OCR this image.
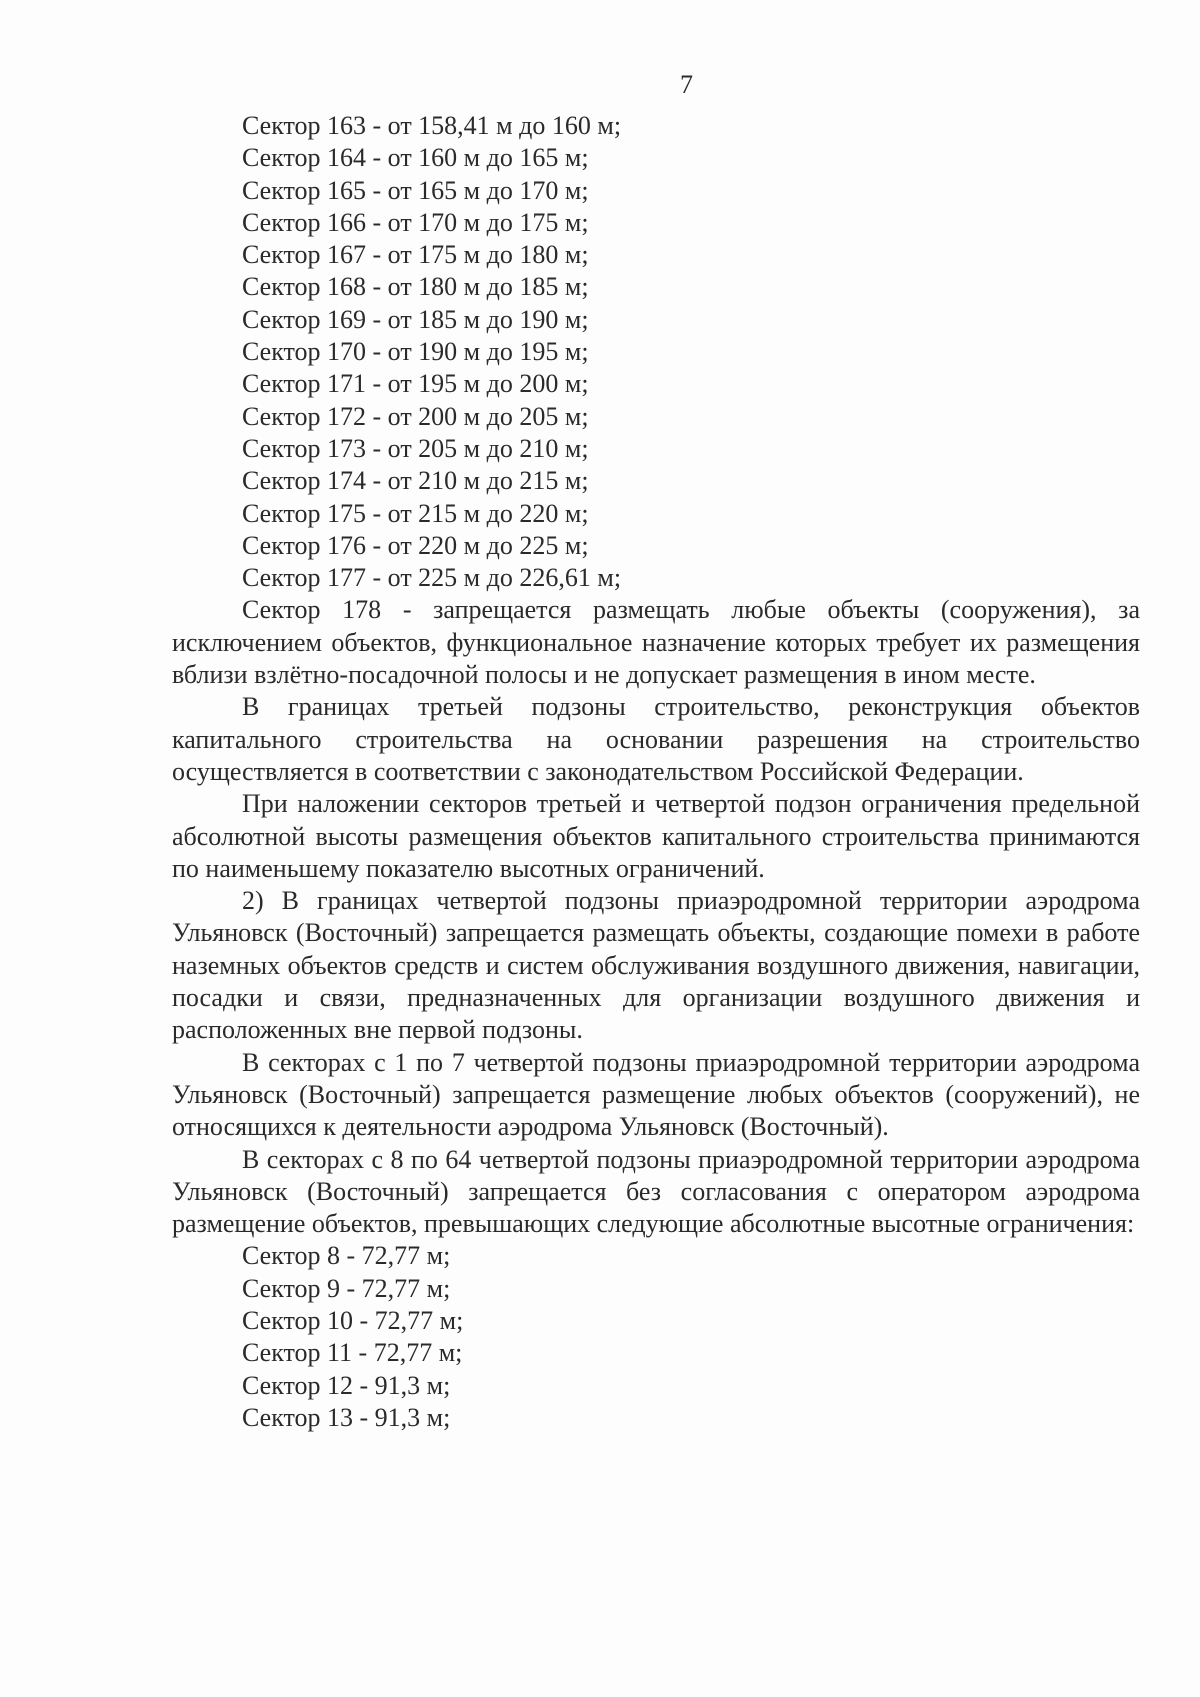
7

Сектор 163 - от 158,41 м до 160 м;

Сектор 164 - от 160 м до 165 м;

Сектор 165 - от 165 м до 170 м;

Сектор 166 - от 170 м до 175 м;

Сектор 167 - от 175 м до 180 м;

Сектор 168 - от 180 м до 185 м;

Сектор 169 - от 185 м до 190 м;

Сектор 170 - от 190 м до 195 м;

Сектор 171 - от 195 м до 200 м;

Сектор 172 - от 200 м до 205 м;

Сектор 173 - от 205 м до 210 м;

Сектор 174 - от 210 м до 215 м;

Сектор 175 - от 215 м до 220 м;

Сектор 176 - от 220 м до 225 м;

Сектор 177 - от 225 м до 226,61 м;

Сектор 178 - запрещается размещать любые объекты (сооружения), за исключением объектов, функциональное назначение которых требует их размещения вблизи взлётно-посадочной полосы и не допускает размещения в ином месте.

В границах третьей подзоны строительство, реконструкция объектов капитального строительства на основании разрешения на строительство осуществляется в соответствии с законодательством Российской Федерации.

При наложении секторов третьей и четвертой подзон ограничения предельной абсолютной высоты размещения объектов капитального строительства принимаются по наименьшему показателю высотных ограничений.

2) В границах четвертой подзоны приаэродромной территории аэродрома Ульяновск (Восточный) запрещается размещать объекты, создающие помехи в работе наземных объектов средств и систем обслуживания воздушного движения, навигации, посадки и связи, предназначенных для организации воздушного движения и расположенных вне первой подзоны.

В секторах с 1 по 7 четвертой подзоны приаэродромной территории аэродрома Ульяновск (Восточный) запрещается размещение любых объектов (сооружений), не относящихся к деятельности аэродрома Ульяновск (Восточный).

В секторах с 8 по 64 четвертой подзоны приаэродромной территории аэродрома Ульяновск (Восточный) запрещается без согласования с оператором аэродрома размещение объектов, превышающих следующие абсолютные высотные ограничения:

Сектор 8 - 72,77 м;

Сектор 9 - 72,77 м;

Сектор 10 - 72,77 м;

Сектор 11 - 72,77 м;

Сектор 12 - 91,3 м;

Сектор 13 - 91,3 м;
